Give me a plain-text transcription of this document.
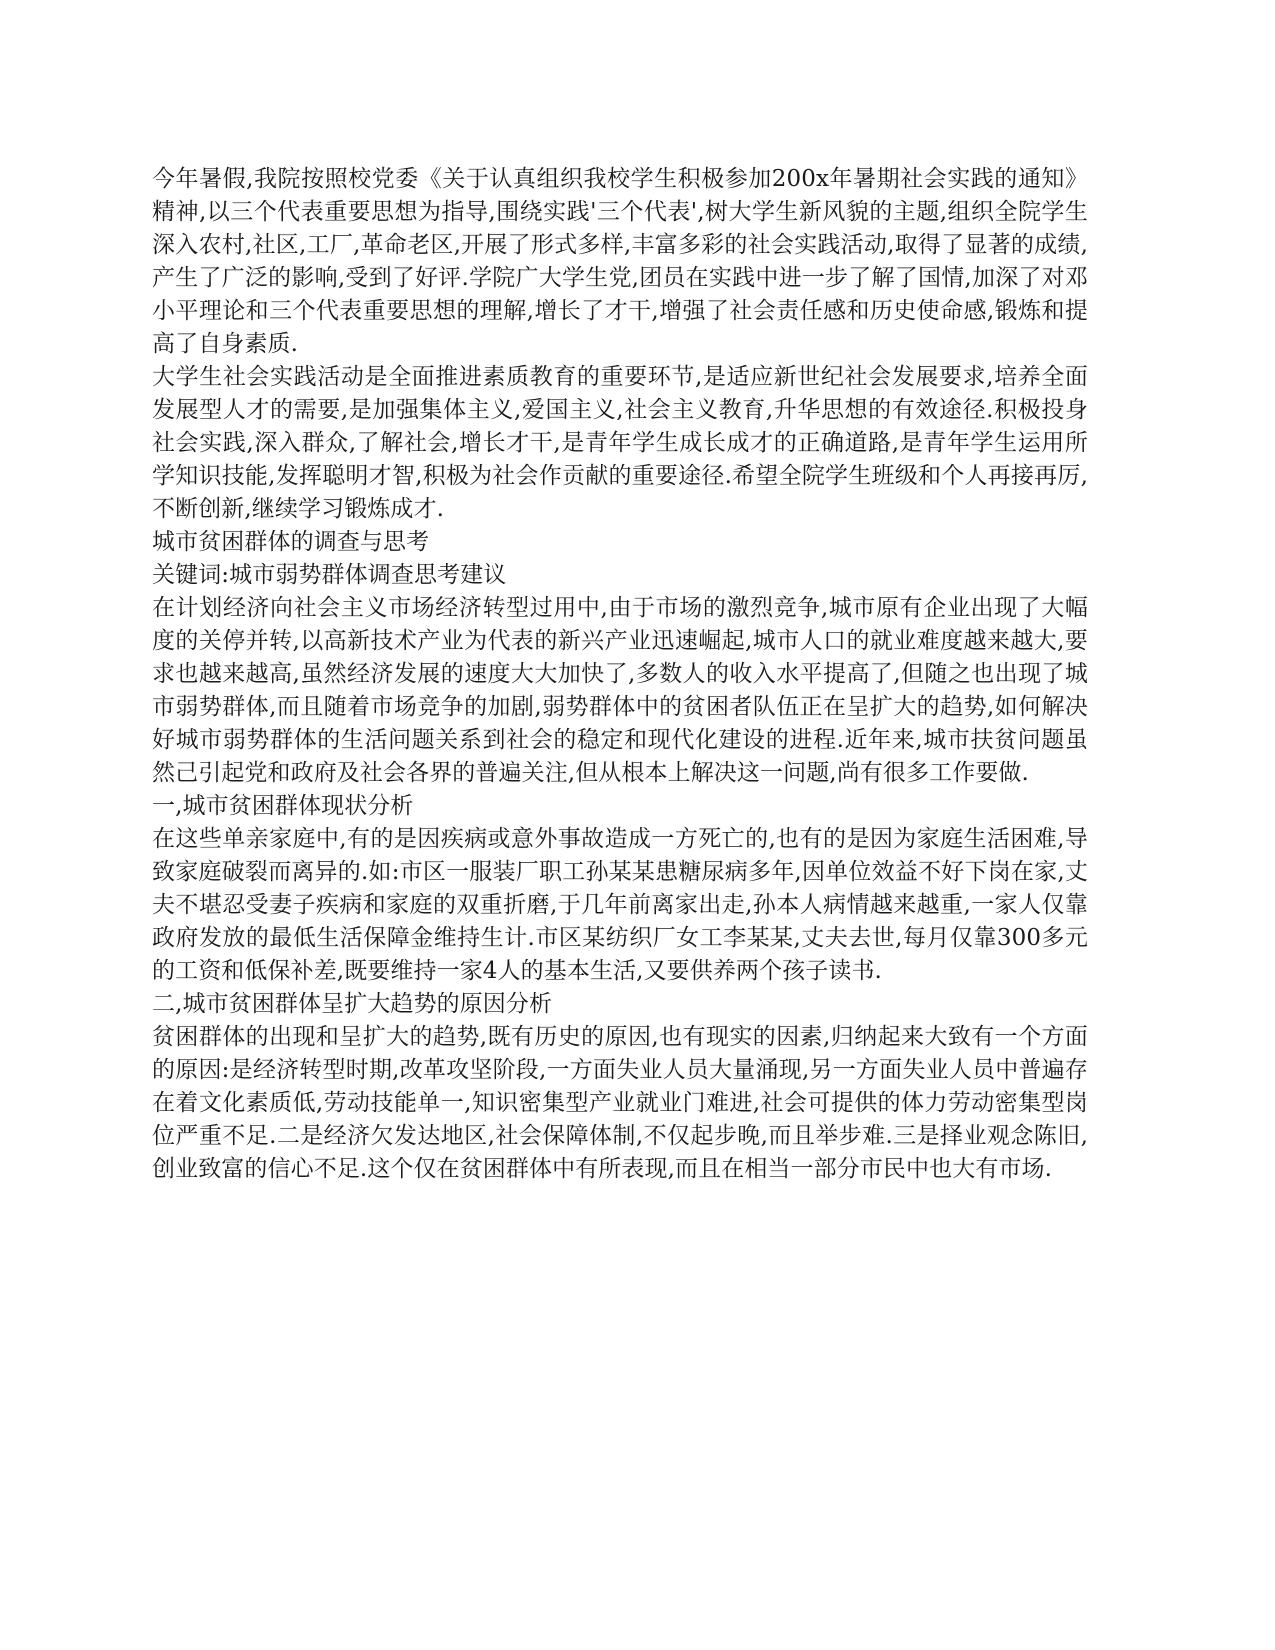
今年暑假,我院按照校党委《关于认真组织我校学生积极参加200x年暑期社会实践的通知》精神,以三个代表重要思想为指导,围绕实践'三个代表',树大学生新风貌的主题,组织全院学生深入农村,社区,工厂,革命老区,开展了形式多样,丰富多彩的社会实践活动,取得了显著的成绩,产生了广泛的影响,受到了好评.学院广大学生党,团员在实践中进一步了解了国情,加深了对邓小平理论和三个代表重要思想的理解,增长了才干,增强了社会责任感和历史使命感,锻炼和提高了自身素质.

大学生社会实践活动是全面推进素质教育的重要环节,是适应新世纪社会发展要求,培养全面发展型人才的需要,是加强集体主义,爱国主义,社会主义教育,升华思想的有效途径.积极投身社会实践,深入群众,了解社会,增长才干,是青年学生成长成才的正确道路,是青年学生运用所学知识技能,发挥聪明才智,积极为社会作贡献的重要途径.希望全院学生班级和个人再接再厉,不断创新,继续学习锻炼成才.

城市贫困群体的调查与思考

关键词:城市弱势群体调查思考建议

在计划经济向社会主义市场经济转型过用中,由于市场的激烈竞争,城市原有企业出现了大幅度的关停并转,以高新技术产业为代表的新兴产业迅速崛起,城市人口的就业难度越来越大,要求也越来越高,虽然经济发展的速度大大加快了,多数人的收入水平提高了,但随之也出现了城市弱势群体,而且随着市场竞争的加剧,弱势群体中的贫困者队伍正在呈扩大的趋势,如何解决好城市弱势群体的生活问题关系到社会的稳定和现代化建设的进程.近年来,城市扶贫问题虽然己引起党和政府及社会各界的普遍关注,但从根本上解决这一问题,尚有很多工作要做.

一,城市贫困群体现状分析

在这些单亲家庭中,有的是因疾病或意外事故造成一方死亡的,也有的是因为家庭生活困难,导致家庭破裂而离异的.如:市区一服装厂职工孙某某患糖尿病多年,因单位效益不好下岗在家,丈夫不堪忍受妻子疾病和家庭的双重折磨,于几年前离家出走,孙本人病情越来越重,一家人仅靠政府发放的最低生活保障金维持生计.市区某纺织厂女工李某某,丈夫去世,每月仅靠300多元的工资和低保补差,既要维持一家4人的基本生活,又要供养两个孩子读书.

二,城市贫困群体呈扩大趋势的原因分析

贫困群体的出现和呈扩大的趋势,既有历史的原因,也有现实的因素,归纳起来大致有一个方面的原因:是经济转型时期,改革攻坚阶段,一方面失业人员大量涌现,另一方面失业人员中普遍存在着文化素质低,劳动技能单一,知识密集型产业就业门难进,社会可提供的体力劳动密集型岗位严重不足.二是经济欠发达地区,社会保障体制,不仅起步晚,而且举步难.三是择业观念陈旧,创业致富的信心不足.这个仅在贫困群体中有所表现,而且在相当一部分市民中也大有市场.
